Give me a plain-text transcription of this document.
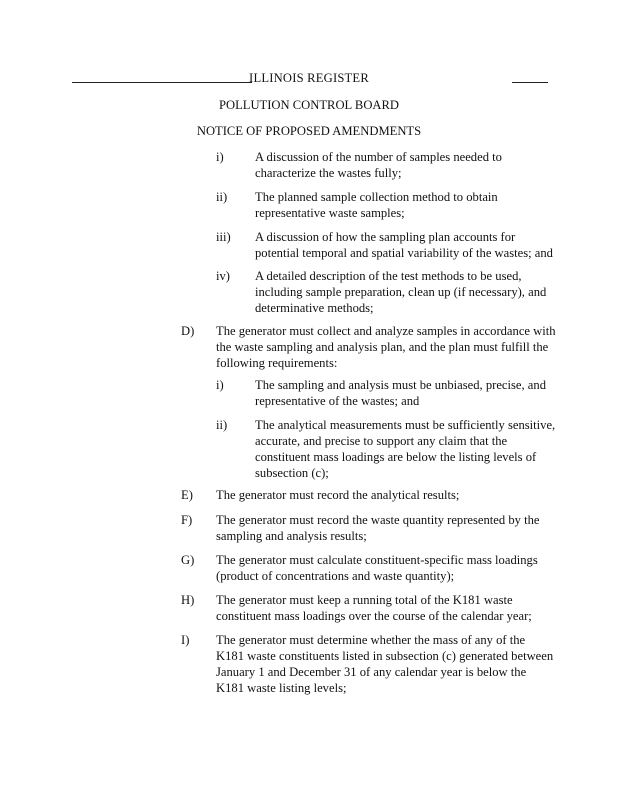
ILLINOIS REGISTER
POLLUTION CONTROL BOARD
NOTICE OF PROPOSED AMENDMENTS
i)	A discussion of the number of samples needed to
characterize the wastes fully;
ii)	The planned sample collection method to obtain
representative waste samples;
iii)	A discussion of how the sampling plan accounts for
potential temporal and spatial variability of the wastes; and
iv)	A detailed description of the test methods to be used,
including sample preparation, clean up (if necessary), and
determinative methods;
D)	The generator must collect and analyze samples in accordance with
the waste sampling and analysis plan, and the plan must fulfill the
following requirements:
i)	The sampling and analysis must be unbiased, precise, and
representative of the wastes; and
ii)	The analytical measurements must be sufficiently sensitive,
accurate, and precise to support any claim that the
constituent mass loadings are below the listing levels of
subsection (c);
E)	The generator must record the analytical results;
F)	The generator must record the waste quantity represented by the
sampling and analysis results;
G)	The generator must calculate constituent-specific mass loadings
(product of concentrations and waste quantity);
H)	The generator must keep a running total of the K181 waste
constituent mass loadings over the course of the calendar year;
I)	The generator must determine whether the mass of any of the
K181 waste constituents listed in subsection (c) generated between
January 1 and December 31 of any calendar year is below the
K181 waste listing levels;
